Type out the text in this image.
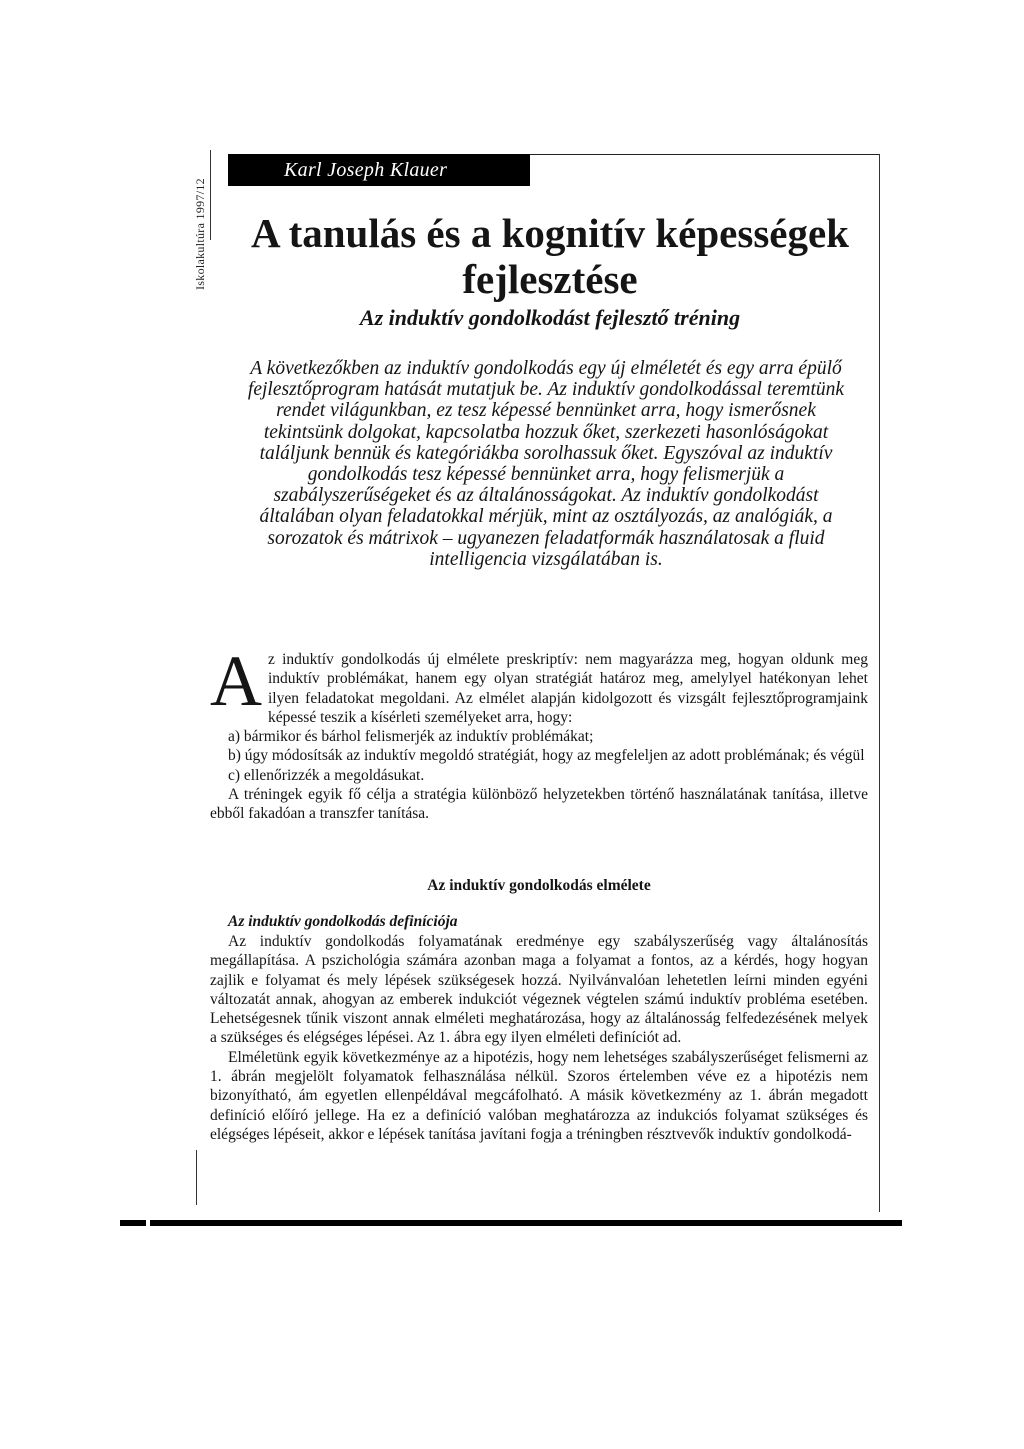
Iskolakultúra 1997/12
Karl Joseph Klauer
A tanulás és a kognitív képességek fejlesztése
Az induktív gondolkodást fejlesztő tréning

A következőkben az induktív gondolkodás egy új elméletét és egy arra épülő fejlesztőprogram hatását mutatjuk be. Az induktív gondolkodással teremtünk rendet világunkban, ez tesz képessé bennünket arra, hogy ismerősnek tekintsünk dolgokat, kapcsolatba hozzuk őket, szerkezeti hasonlóságokat találjunk bennük és kategóriákba sorolhassuk őket. Egyszóval az induktív gondolkodás tesz képessé bennünket arra, hogy felismerjük a szabályszerűségeket és az általánosságokat. Az induktív gondolkodást általában olyan feladatokkal mérjük, mint az osztályozás, az analógiák, a sorozatok és mátrixok – ugyanezen feladatformák használatosak a fluid intelligencia vizsgálatában is.

Az induktív gondolkodás új elmélete preskriptív: nem magyarázza meg, hogyan oldunk meg induktív problémákat, hanem egy olyan stratégiát határoz meg, amelylyel hatékonyan lehet ilyen feladatokat megoldani. Az elmélet alapján kidolgozott és vizsgált fejlesztőprogramjaink képessé teszik a kísérleti személyeket arra, hogy:

a) bármikor és bárhol felismerjék az induktív problémákat;

b) úgy módosítsák az induktív megoldó stratégiát, hogy az megfeleljen az adott problémának; és végül

c) ellenőrizzék a megoldásukat.

A tréningek egyik fő célja a stratégia különböző helyzetekben történő használatának tanítása, illetve ebből fakadóan a transzfer tanítása.

Az induktív gondolkodás elmélete
Az induktív gondolkodás definíciója

Az induktív gondolkodás folyamatának eredménye egy szabályszerűség vagy általánosítás megállapítása. A pszichológia számára azonban maga a folyamat a fontos, az a kérdés, hogy hogyan zajlik e folyamat és mely lépések szükségesek hozzá. Nyilvánvalóan lehetetlen leírni minden egyéni változatát annak, ahogyan az emberek indukciót végeznek végtelen számú induktív probléma esetében. Lehetségesnek tűnik viszont annak elméleti meghatározása, hogy az általánosság felfedezésének melyek a szükséges és elégséges lépései. Az 1. ábra egy ilyen elméleti definíciót ad.

Elméletünk egyik következménye az a hipotézis, hogy nem lehetséges szabályszerűséget felismerni az 1. ábrán megjelölt folyamatok felhasználása nélkül. Szoros értelemben véve ez a hipotézis nem bizonyítható, ám egyetlen ellenpéldával megcáfolható. A másik következmény az 1. ábrán megadott definíció előíró jellege. Ha ez a definíció valóban meghatározza az indukciós folyamat szükséges és elégséges lépéseit, akkor e lépések tanítása javítani fogja a tréningben résztvevők induktív gondolkodá-
